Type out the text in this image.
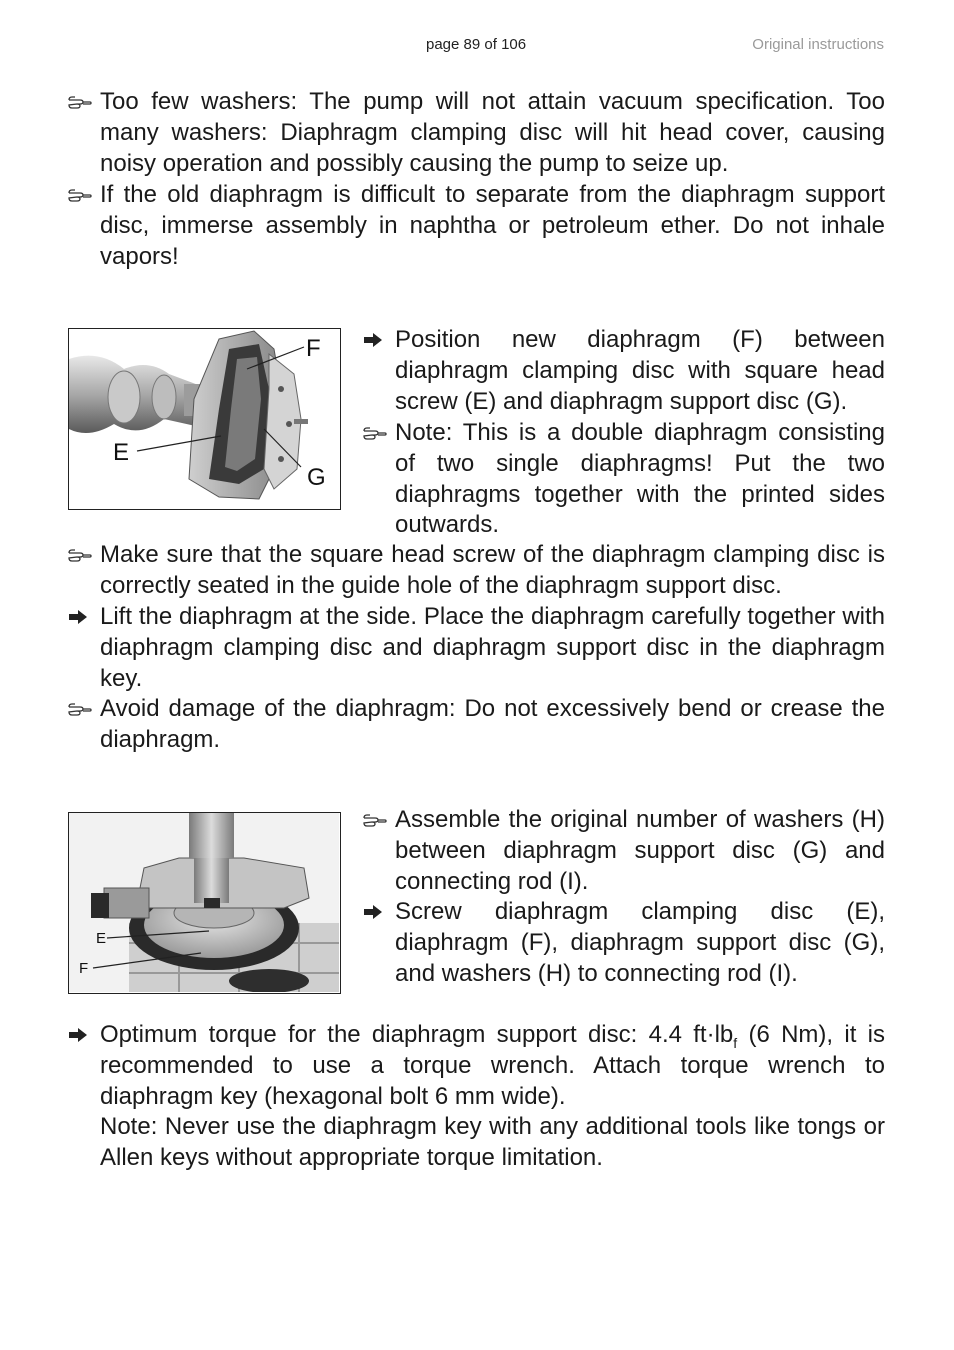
page 89 of 106	Original instructions
Too few washers: The pump will not attain vacuum specification. Too many washers: Diaphragm clamping disc will hit head cover, causing noisy operation and possibly causing the pump to seize up.
If the old diaphragm is difficult to separate from the diaphragm support disc, immerse assembly in naphtha or petroleum ether. Do not inhale vapors!
F
E
G
Position new diaphragm (F) between diaphragm clamping disc with square head screw (E) and diaphragm support disc (G).
Note: This is a double diaphragm consisting of two single diaphragms! Put the two diaphragms together with the printed sides outwards.
Make sure that the square head screw of the diaphragm clamping disc is correctly seated in the guide hole of the diaphragm support disc.
Lift the diaphragm at the side. Place the diaphragm carefully together with diaphragm clamping disc and diaphragm support disc in the diaphragm key.
Avoid damage of the diaphragm: Do not excessively bend or crease the diaphragm.
E
F
Assemble the original number of washers (H) between diaphragm support disc (G) and connecting rod (I).
Screw diaphragm clamping disc (E), diaphragm (F), diaphragm support disc (G), and washers (H) to connecting rod (I).
Optimum torque for the diaphragm support disc: 4.4 $ft\cdot lb_f$ (6 Nm), it is recommended to use a torque wrench. Attach torque wrench to diaphragm key (hexagonal bolt 6 mm wide).
Note: Never use the diaphragm key with any additional tools like tongs or Allen keys without appropriate torque limitation.
